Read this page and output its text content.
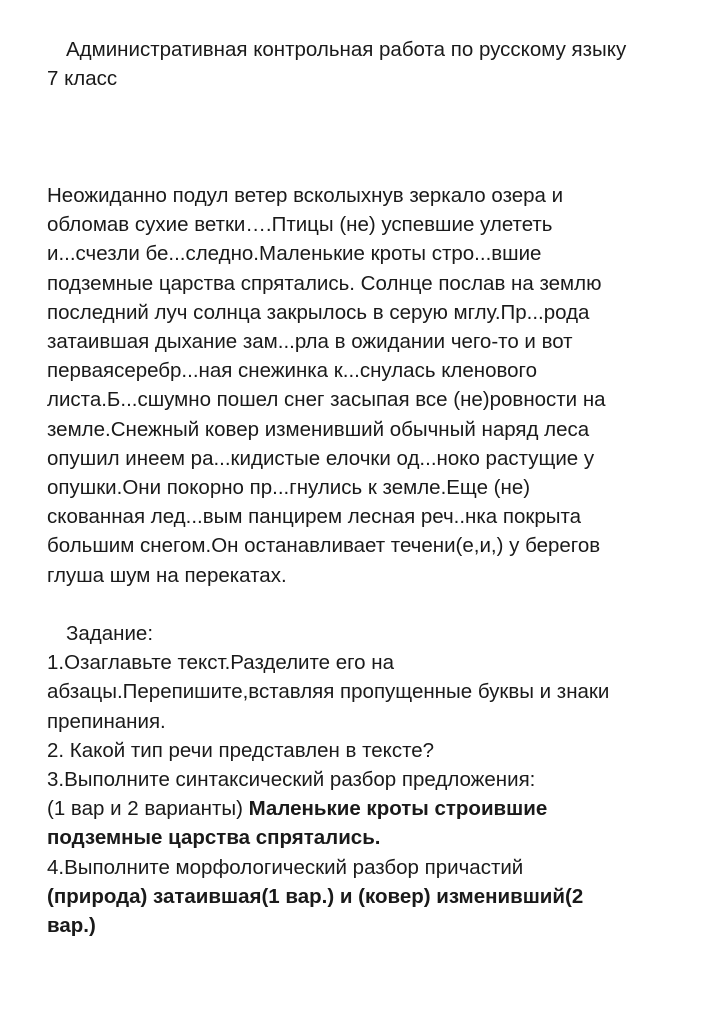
Административная контрольная работа по русскому языку
7 класс
Неожиданно подул ветер всколыхнув зеркало озера и
обломав сухие ветки….Птицы (не) успевшие улететь
и...счезли бе...следно.Маленькие кроты стро...вшие
подземные царства спрятались. Солнце послав на землю
последний луч солнца закрылось в серую мглу.Пр...рода
затаившая дыхание зам...рла в ожидании чего-то и вот
перваясеребр...ная снежинка к...снулась кленового
листа.Б...сшумно пошел снег засыпая все (не)ровности на
земле.Снежный ковер изменивший обычный наряд леса
опушил инеем ра...кидистые елочки од...ноко растущие у
опушки.Они покорно пр...гнулись к земле.Еще (не)
скованная лед...вым панцирем лесная реч..нка покрыта
большим снегом.Он останавливает течени(е,и,) у берегов
глуша шум на перекатах.
Задание:
1.Озаглавьте текст.Разделите его на
абзацы.Перепишите,вставляя пропущенные буквы и знаки
препинания.
2. Какой тип речи представлен в тексте?
3.Выполните синтаксический разбор предложения:
(1 вар и 2 варианты) Маленькие кроты строившие
подземные царства спрятались.
4.Выполните морфологический разбор причастий
(природа) затаившая(1 вар.) и (ковер) изменивший(2
вар.)
